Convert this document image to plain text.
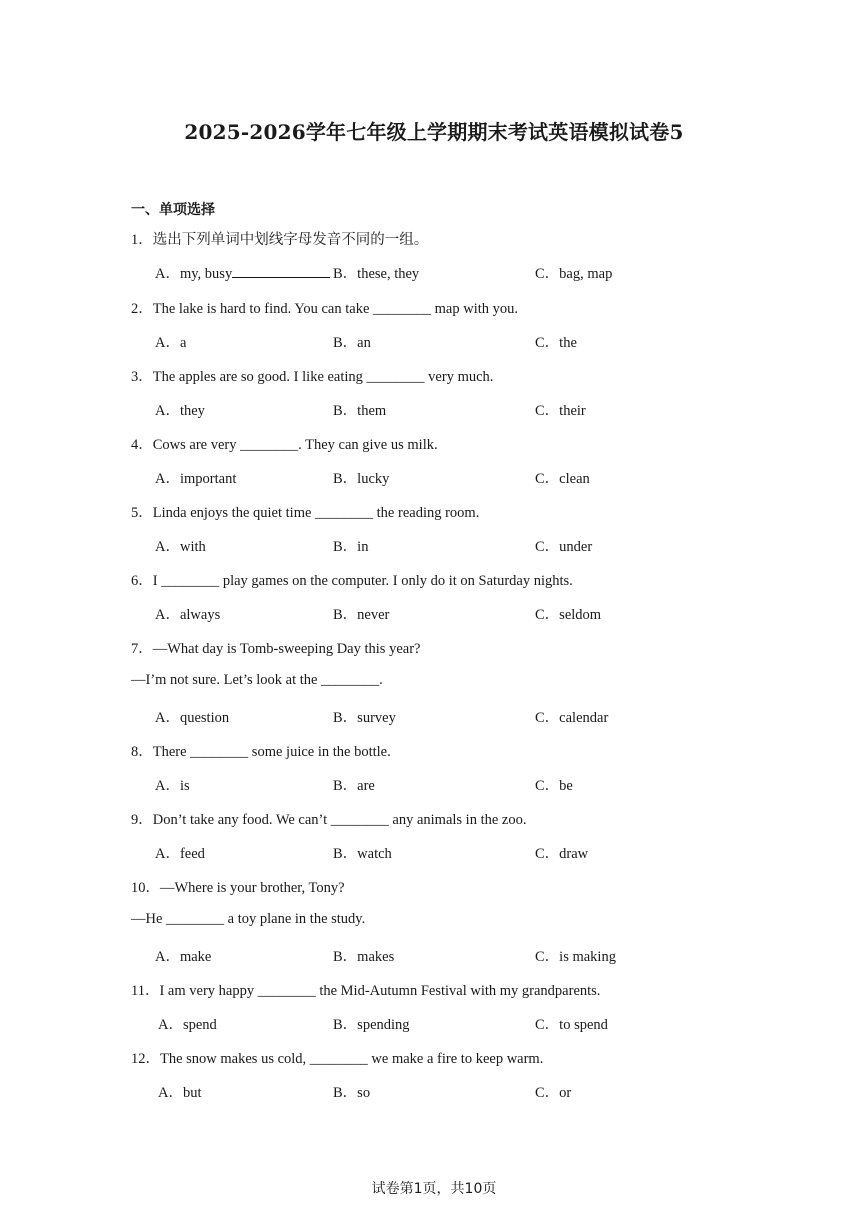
2025-2026学年七年级上学期期末考试英语模拟试卷5
一、单项选择
1．选出下列单词中划线字母发音不同的一组。
A．my, busy	B．these, they	C．bag, map
2．The lake is hard to find. You can take ________ map with you.
A．a	B．an	C．the
3．The apples are so good. I like eating ________ very much.
A．they	B．them	C．their
4．Cows are very ________. They can give us milk.
A．important	B．lucky	C．clean
5．Linda enjoys the quiet time ________ the reading room.
A．with	B．in	C．under
6．I ________ play games on the computer. I only do it on Saturday nights.
A．always	B．never	C．seldom
7．—What day is Tomb-sweeping Day this year?
—I’m not sure. Let’s look at the ________.
A．question	B．survey	C．calendar
8．There ________ some juice in the bottle.
A．is	B．are	C．be
9．Don’t take any food. We can’t ________ any animals in the zoo.
A．feed	B．watch	C．draw
10．—Where is your brother, Tony?
—He ________ a toy plane in the study.
A．make	B．makes	C．is making
11．I am very happy ________ the Mid-Autumn Festival with my grandparents.
A．spend	B．spending	C．to spend
12．The snow makes us cold, ________ we make a fire to keep warm.
A．but	B．so	C．or
试卷第1页，共10页
